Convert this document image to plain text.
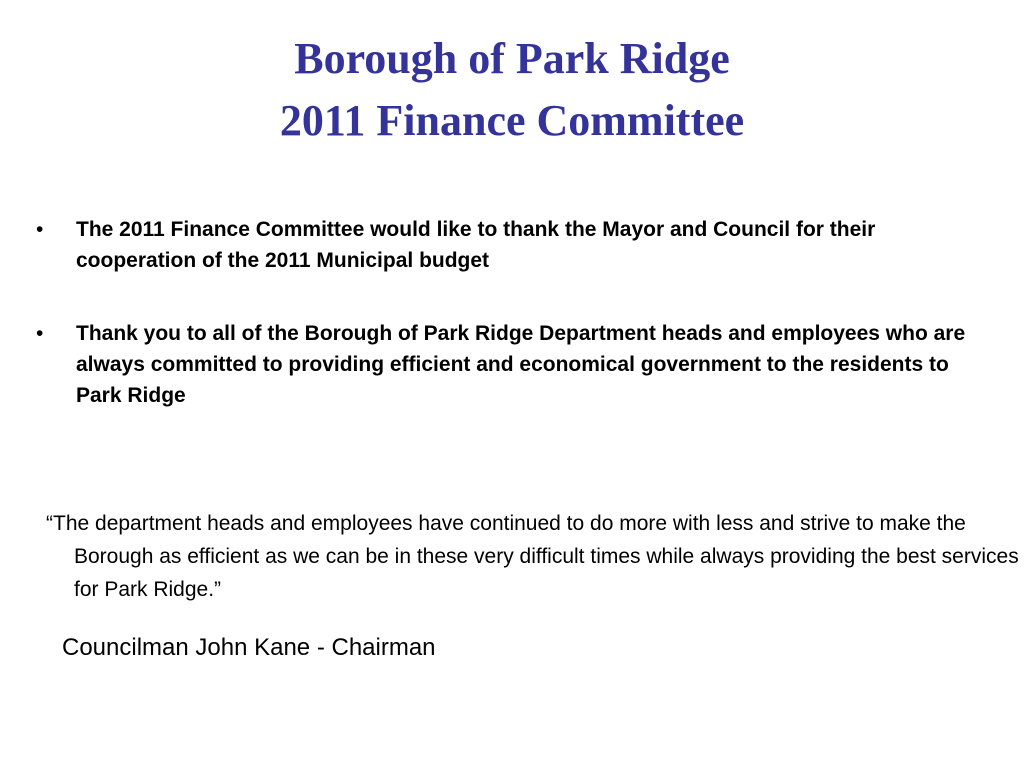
Borough of Park Ridge
2011 Finance Committee
• The 2011 Finance Committee would like to thank the Mayor and Council for their cooperation of the 2011 Municipal budget
• Thank you to all of the Borough of Park Ridge Department heads and employees who are always committed to providing efficient and economical government to the residents to Park Ridge
“The department heads and employees have continued to do more with less and strive to make the Borough as efficient as we can be in these very difficult times while always providing the best services for Park Ridge.”
Councilman John Kane - Chairman
